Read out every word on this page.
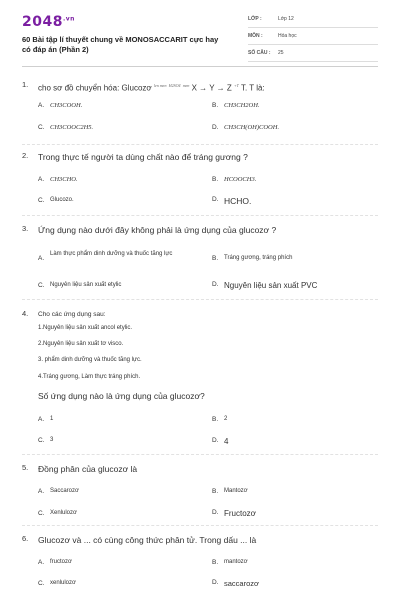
$2048^{.vn}$
60 Bài tập lí thuyết chung về MONOSACCARIT cực hay có đáp án (Phần 2)
LỚP :	Lớp 12
MÔN :	Hóa học
SỐ CÂU : 25
1. cho sơ đồ chuyển hóa: Glucozơ $^{len men}$ $^{H2SO4}$ $^{men}$ X → Y → Z $^{+T}$ T. T là:
A. CH3COOH.	B. CH3CH2OH.
C. CH3COOC2H5.	D. CH3CH(OH)COOH.
2. Trong thực tế người ta dùng chất nào để tráng gương ?
A. CH3CHO.	B. HCOOCH3.
C. Glucozo.	D. HCHO.
3. Ứng dụng nào dưới đây không phải là ứng dụng của glucozơ ?
A.
Làm thực phẩm dinh dưỡng và thuốc tăng lực
B. Tráng gương, tráng phích
C. Nguyên liệu sản xuất etylic	D. Nguyên liệu sản xuất PVC
4. Cho các ứng dụng sau:
1.Nguyên liệu sản xuất ancol etylic.
2.Nguyên liệu sản xuất tơ visco.
3. phẩm dinh dưỡng và thuốc tăng lực.
4.Tráng gương, Làm thực tráng phích.
Số ứng dụng nào là ứng dụng của glucozơ?
A. 1	B. 2
C. 3	D. 4
5. Đồng phân của glucozơ là
A. Saccarozơ	B. Mantozơ
C. Xenlulozơ	D. Fructozơ
6. Glucozơ và ... có cùng công thức phân tử. Trong dấu ... là
A. fructozơ	B. mantozơ
C. xenlulozơ	D. saccarozơ
